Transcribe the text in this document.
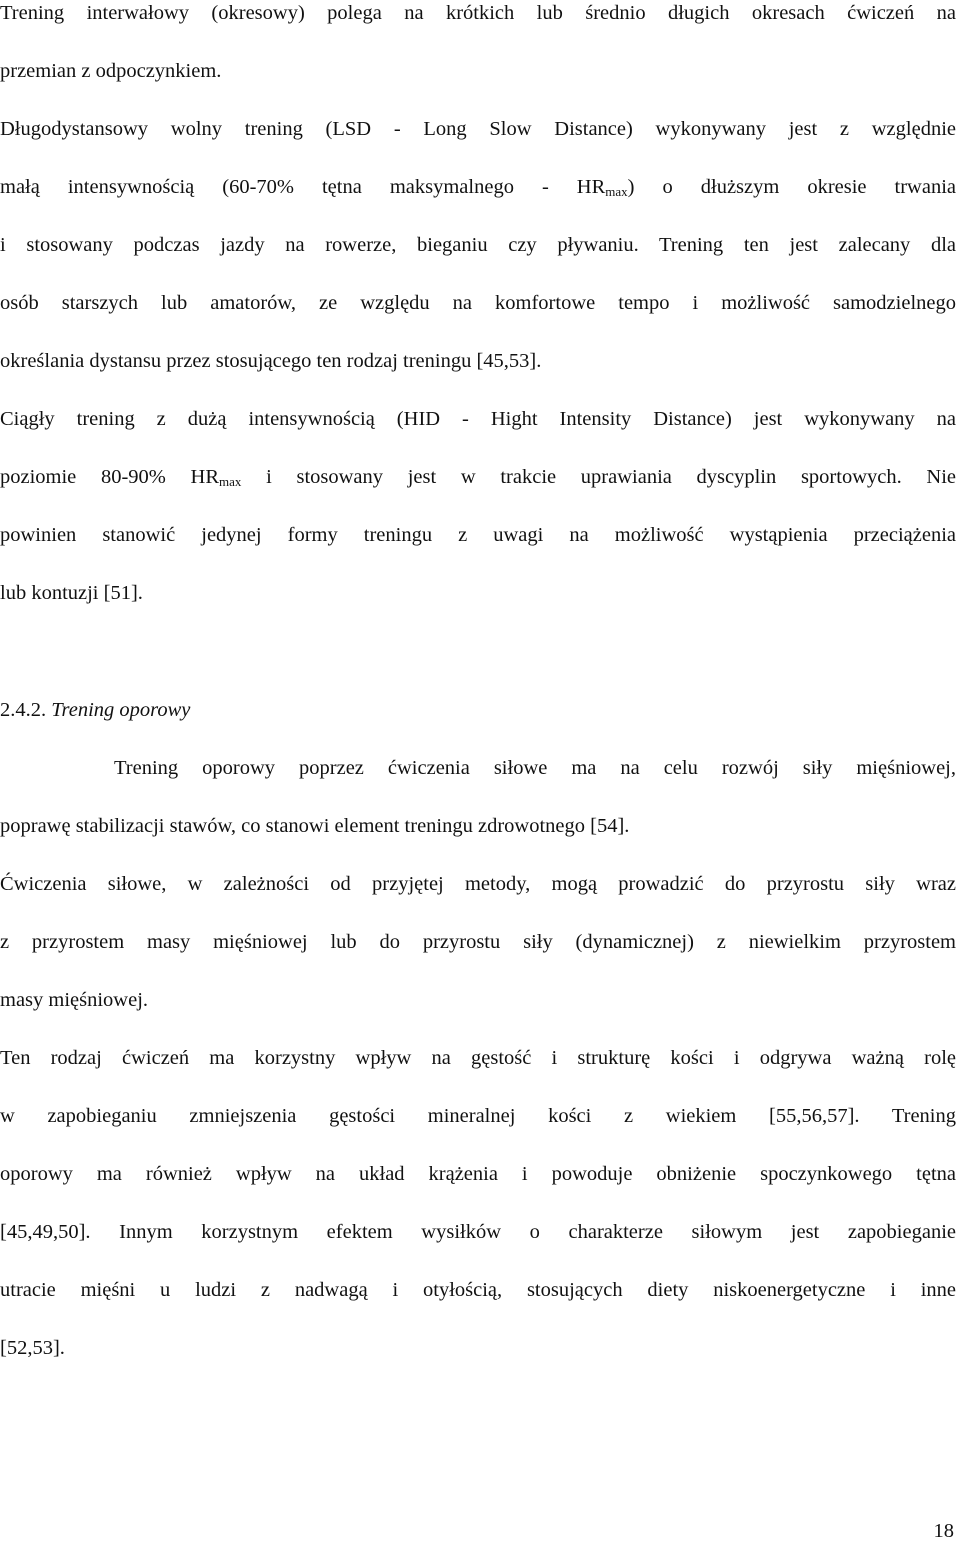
Trening interwałowy (okresowy) polega na krótkich lub średnio długich okresach ćwiczeń na
przemian z odpoczynkiem.
Długodystansowy wolny trening (LSD - Long Slow Distance) wykonywany jest z względnie
małą intensywnością (60-70% tętna maksymalnego - $HR_{max}$) o dłuższym okresie trwania
i stosowany podczas jazdy na rowerze, bieganiu czy pływaniu. Trening ten jest zalecany dla
osób starszych lub amatorów, ze względu na komfortowe tempo i możliwość samodzielnego
określania dystansu przez stosującego ten rodzaj treningu [45,53].
Ciągły trening z dużą intensywnością (HID - Hight Intensity Distance) jest wykonywany na
poziomie 80-90% $HR_{max}$ i stosowany jest w trakcie uprawiania dyscyplin sportowych. Nie
powinien stanowić jedynej formy treningu z uwagi na możliwość wystąpienia przeciążenia
lub kontuzji [51].
2.4.2. Trening oporowy
Trening oporowy poprzez ćwiczenia siłowe ma na celu rozwój siły mięśniowej,
poprawę stabilizacji stawów, co stanowi element treningu zdrowotnego [54].
Ćwiczenia siłowe, w zależności od przyjętej metody, mogą prowadzić do przyrostu siły wraz
z przyrostem masy mięśniowej lub do przyrostu siły (dynamicznej) z niewielkim przyrostem
masy mięśniowej.
Ten rodzaj ćwiczeń ma korzystny wpływ na gęstość i strukturę kości i odgrywa ważną rolę
w zapobieganiu zmniejszenia gęstości mineralnej kości z wiekiem [55,56,57]. Trening
oporowy ma również wpływ na układ krążenia i powoduje obniżenie spoczynkowego tętna
[45,49,50]. Innym korzystnym efektem wysiłków o charakterze siłowym jest zapobieganie
utracie mięśni u ludzi z nadwagą i otyłością, stosujących diety niskoenergetyczne i inne
[52,53].
18
